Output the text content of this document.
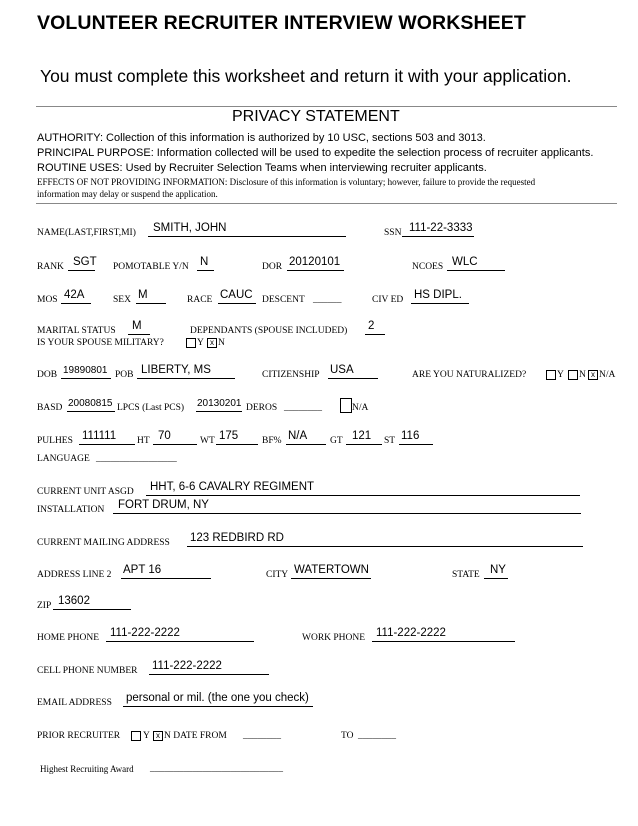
VOLUNTEER RECRUITER INTERVIEW WORKSHEET
You must complete this worksheet and return it with your application.
PRIVACY STATEMENT
AUTHORITY: Collection of this information is authorized by 10 USC, sections 503 and 3013.
PRINCIPAL PURPOSE: Information collected will be used to expedite the selection process of recruiter applicants.
ROUTINE USES: Used by Recruiter Selection Teams when interviewing recruiter applicants.
EFFECTS OF NOT PROVIDING INFORMATION: Disclosure of this information is voluntary; however, failure to provide the requested
information may delay or suspend the application.
NAME(LAST,FIRST,MI) SMITH, JOHN	SSN 111-22-3333
RANK SGT POMOTABLE Y/N N	DOR 20120101	NCOES WLC
MOS 42A	SEX M	RACE CAUC DESCENT ______	CIV ED HS DIPL.
MARITAL STATUS M	DEPENDANTS (SPOUSE INCLUDED) 2
IS YOUR SPOUSE MILITARY?	Y x N
DOB 19890801 POB LIBERTY, MS	CITIZENSHIP USA	ARE YOU NATURALIZED?	Y N x N/A
BASD 20080815 LPCS (Last PCS) 20130201 DEROS ________	N/A
PULHES 111111 HT 70	WT 175	BF% N/A GT 121 ST 116
LANGUAGE _________________
CURRENT UNIT ASGD HHT, 6-6 CAVALRY REGIMENT
INSTALLATION FORT DRUM, NY
CURRENT MAILING ADDRESS 123 REDBIRD RD
ADDRESS LINE 2 APT 16	CITY WATERTOWN	STATE NY
ZIP 13602
HOME PHONE 111-222-2222	WORK PHONE 111-222-2222
CELL PHONE NUMBER 111-222-2222
EMAIL ADDRESS personal or mil. (the one you check)
PRIOR RECRUITER Y x N DATE FROM ________	TO ________
Highest Recruiting Award ____________________________
